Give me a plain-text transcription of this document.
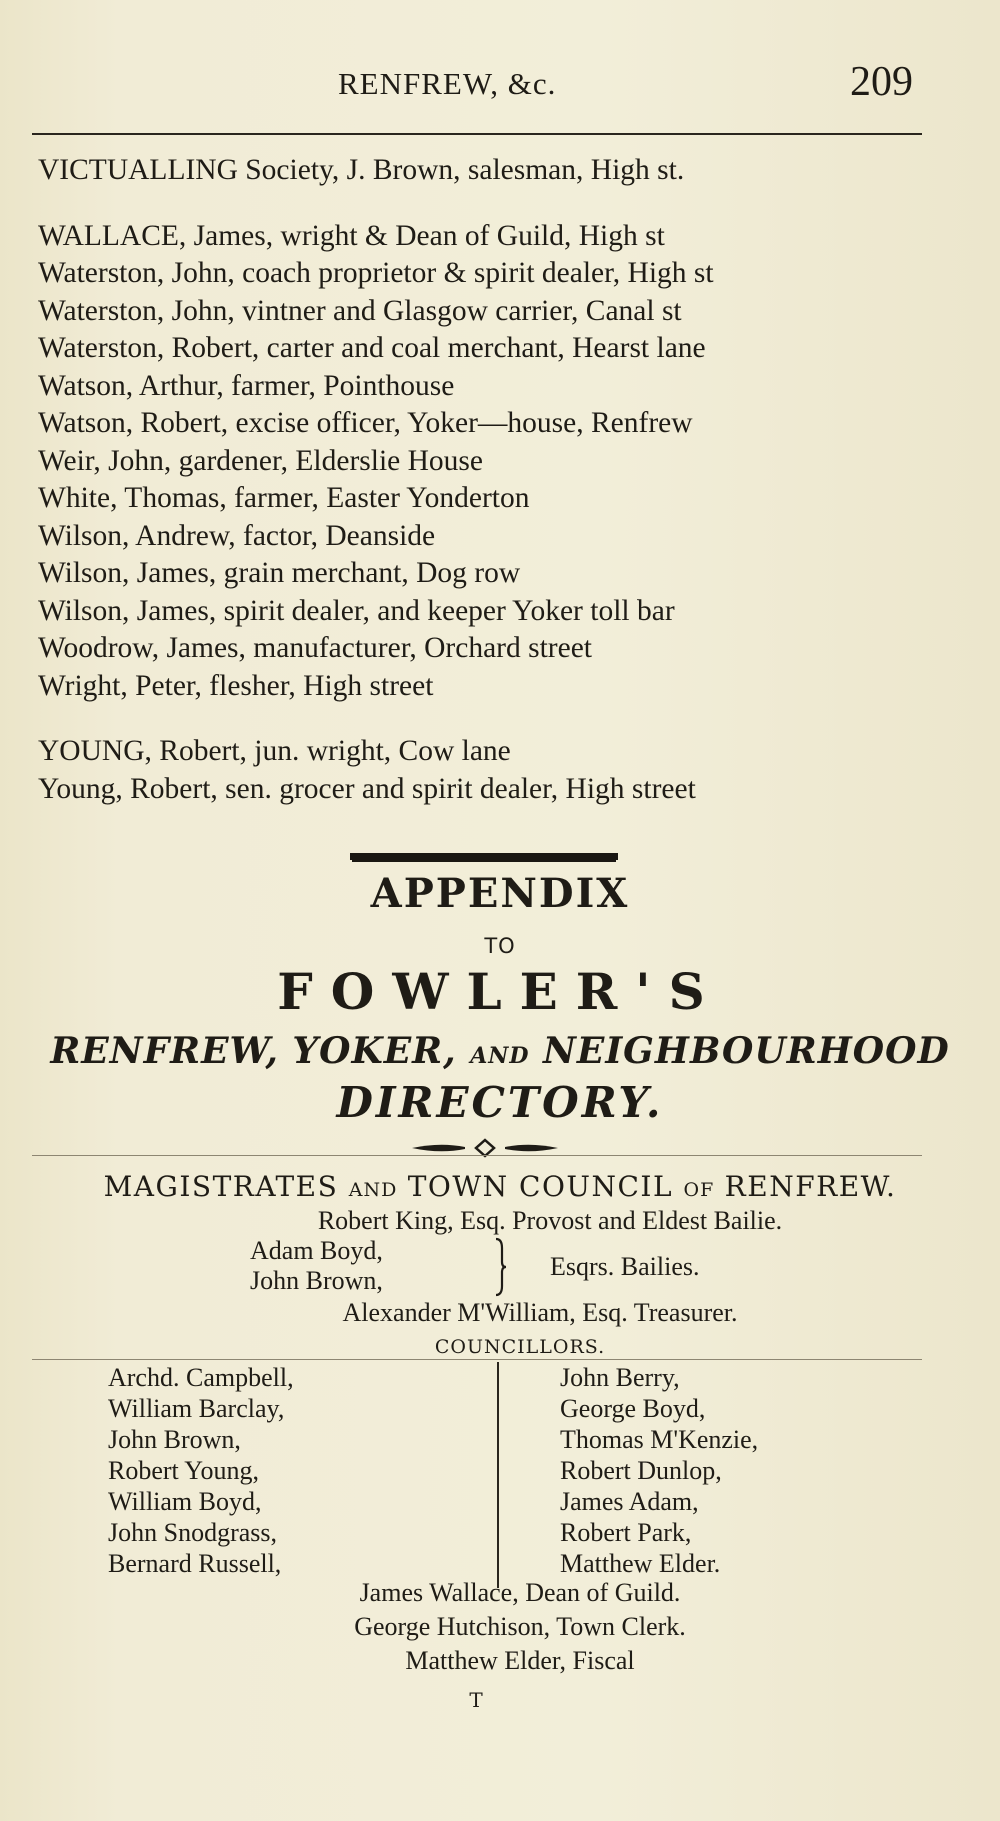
RENFREW, &c.	209
VICTUALLING Society, J. Brown, salesman, High st.
WALLACE, James, wright & Dean of Guild, High st
Waterston, John, coach proprietor & spirit dealer, High st
Waterston, John, vintner and Glasgow carrier, Canal st
Waterston, Robert, carter and coal merchant, Hearst lane
Watson, Arthur, farmer, Pointhouse
Watson, Robert, excise officer, Yoker—house, Renfrew
Weir, John, gardener, Elderslie House
White, Thomas, farmer, Easter Yonderton
Wilson, Andrew, factor, Deanside
Wilson, James, grain merchant, Dog row
Wilson, James, spirit dealer, and keeper Yoker toll bar
Woodrow, James, manufacturer, Orchard street
Wright, Peter, flesher, High street
YOUNG, Robert, jun. wright, Cow lane
Young, Robert, sen. grocer and spirit dealer, High street
APPENDIX
TO
FOWLER'S
RENFREW, YOKER, AND NEIGHBOURHOOD
DIRECTORY.
MAGISTRATES AND TOWN COUNCIL OF RENFREW.
Robert King, Esq. Provost and Eldest Bailie.
Adam Boyd,
John Brown,	Esqrs. Bailies.
Alexander M'William, Esq. Treasurer.
COUNCILLORS.
Archd. Campbell,
William Barclay,
John Brown,
Robert Young,
William Boyd,
John Snodgrass,
Bernard Russell,
John Berry,
George Boyd,
Thomas M'Kenzie,
Robert Dunlop,
James Adam,
Robert Park,
Matthew Elder.
James Wallace, Dean of Guild.
George Hutchison, Town Clerk.
Matthew Elder, Fiscal
T
